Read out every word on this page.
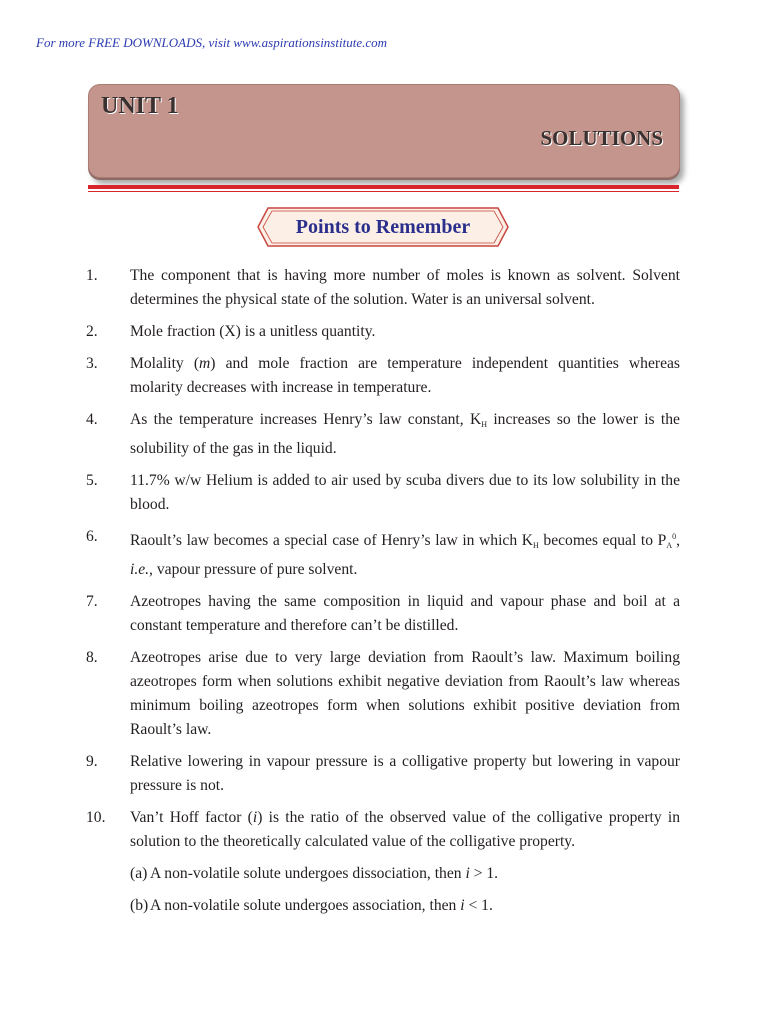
For more FREE DOWNLOADS, visit www.aspirationsinstitute.com
UNIT 1
SOLUTIONS
Points to Remember
1. The component that is having more number of moles is known as solvent. Solvent determines the physical state of the solution. Water is an universal solvent.
2. Mole fraction (X) is a unitless quantity.
3. Molality (m) and mole fraction are temperature independent quantities whereas molarity decreases with increase in temperature.
4. As the temperature increases Henry’s law constant, $K_H$ increases so the lower is the solubility of the gas in the liquid.
5. 11.7% w/w Helium is added to air used by scuba divers due to its low solubility in the blood.
6. Raoult’s law becomes a special case of Henry’s law in which $K_H$ becomes equal to $P_A^0$, i.e., vapour pressure of pure solvent.
7. Azeotropes having the same composition in liquid and vapour phase and boil at a constant temperature and therefore can’t be distilled.
8. Azeotropes arise due to very large deviation from Raoult’s law. Maximum boiling azeotropes form when solutions exhibit negative deviation from Raoult’s law whereas minimum boiling azeotropes form when solutions exhibit positive deviation from Raoult’s law.
9. Relative lowering in vapour pressure is a colligative property but lowering in vapour pressure is not.
10. Van’t Hoff factor (i) is the ratio of the observed value of the colligative property in solution to the theoretically calculated value of the colligative property.
(a) A non-volatile solute undergoes dissociation, then i > 1.
(b) A non-volatile solute undergoes association, then i < 1.
